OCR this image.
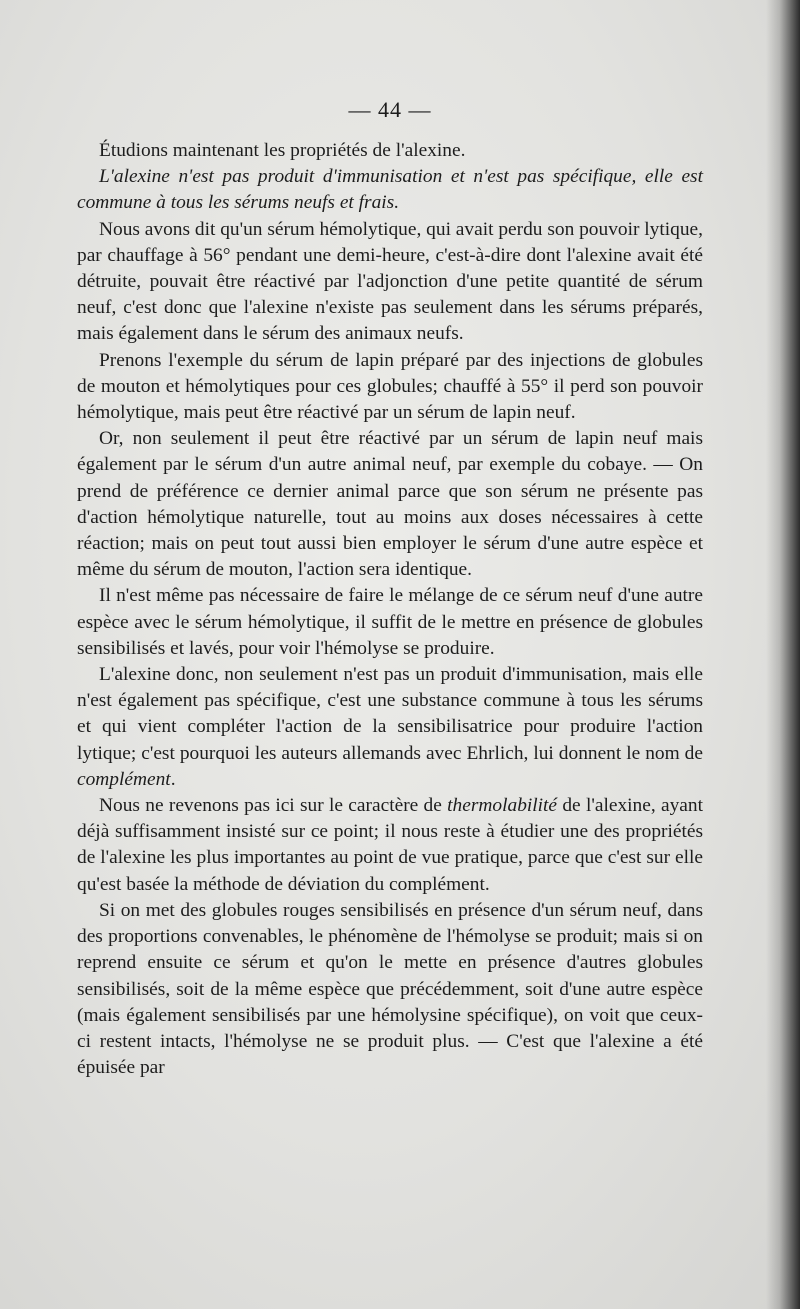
— 44 —

Étudions maintenant les propriétés de l'alexine.

L'alexine n'est pas produit d'immunisation et n'est pas spécifique, elle est commune à tous les sérums neufs et frais.

Nous avons dit qu'un sérum hémolytique, qui avait perdu son pouvoir lytique, par chauffage à 56° pendant une demi-heure, c'est-à-dire dont l'alexine avait été détruite, pouvait être réactivé par l'adjonction d'une petite quantité de sérum neuf, c'est donc que l'alexine n'existe pas seulement dans les sérums préparés, mais également dans le sérum des animaux neufs.

Prenons l'exemple du sérum de lapin préparé par des injections de globules de mouton et hémolytiques pour ces globules; chauffé à 55° il perd son pouvoir hémolytique, mais peut être réactivé par un sérum de lapin neuf.

Or, non seulement il peut être réactivé par un sérum de lapin neuf mais également par le sérum d'un autre animal neuf, par exemple du cobaye. — On prend de préférence ce dernier animal parce que son sérum ne présente pas d'action hémolytique naturelle, tout au moins aux doses nécessaires à cette réaction; mais on peut tout aussi bien employer le sérum d'une autre espèce et même du sérum de mouton, l'action sera identique.

Il n'est même pas nécessaire de faire le mélange de ce sérum neuf d'une autre espèce avec le sérum hémolytique, il suffit de le mettre en présence de globules sensibilisés et lavés, pour voir l'hémolyse se produire.

L'alexine donc, non seulement n'est pas un produit d'immunisation, mais elle n'est également pas spécifique, c'est une substance commune à tous les sérums et qui vient compléter l'action de la sensibilisatrice pour produire l'action lytique; c'est pourquoi les auteurs allemands avec Ehrlich, lui donnent le nom de complément.

Nous ne revenons pas ici sur le caractère de thermolabilité de l'alexine, ayant déjà suffisamment insisté sur ce point; il nous reste à étudier une des propriétés de l'alexine les plus importantes au point de vue pratique, parce que c'est sur elle qu'est basée la méthode de déviation du complément.

Si on met des globules rouges sensibilisés en présence d'un sérum neuf, dans des proportions convenables, le phénomène de l'hémolyse se produit; mais si on reprend ensuite ce sérum et qu'on le mette en présence d'autres globules sensibilisés, soit de la même espèce que précédemment, soit d'une autre espèce (mais également sensibilisés par une hémolysine spécifique), on voit que ceux-ci restent intacts, l'hémolyse ne se produit plus. — C'est que l'alexine a été épuisée par
